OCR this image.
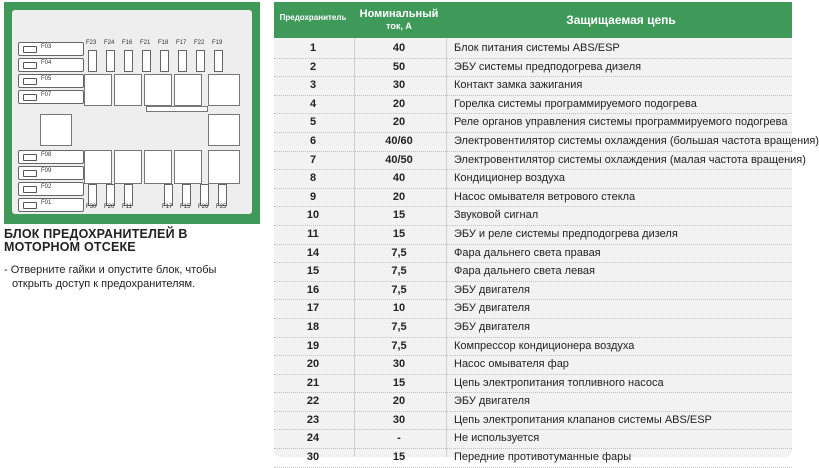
F03
F04
F05
F07
F08
F09
F02
F01
F23 F24 F16 F21 F18 F17 F22 F19
F30 F20 F11	F17 F15 F26 F25
БЛОК ПРЕДОХРАНИТЕЛЕЙ В
МОТОРНОМ ОТСЕКЕ
- Отверните гайки и опустите блок, чтобы
открыть доступ к предохранителям.
Предохранитель	Номинальный
ток, А	Защищаемая цепь
1	40	Блок питания системы ABS/ESP
2	50	ЭБУ системы предподогрева дизеля
3	30	Контакт замка зажигания
4	20	Горелка системы программируемого подогрева
5	20	Реле органов управления системы программируемого подогрева
6	40/60	Электровентилятор системы охлаждения (большая частота вращения)
7	40/50	Электровентилятор системы охлаждения (малая частота вращения)
8	40	Кондиционер воздуха
9	20	Насос омывателя ветрового стекла
10	15	Звуковой сигнал
11	15	ЭБУ и реле системы предподогрева дизеля
14	7,5	Фара дальнего света правая
15	7,5	Фара дальнего света левая
16	7,5	ЭБУ двигателя
17	10	ЭБУ двигателя
18	7,5	ЭБУ двигателя
19	7,5	Компрессор кондиционера воздуха
20	30	Насос омывателя фар
21	15	Цепь электропитания топливного насоса
22	20	ЭБУ двигателя
23	30	Цепь электропитания клапанов системы ABS/ESP
24	-	Не используется
30	15	Передние противотуманные фары
